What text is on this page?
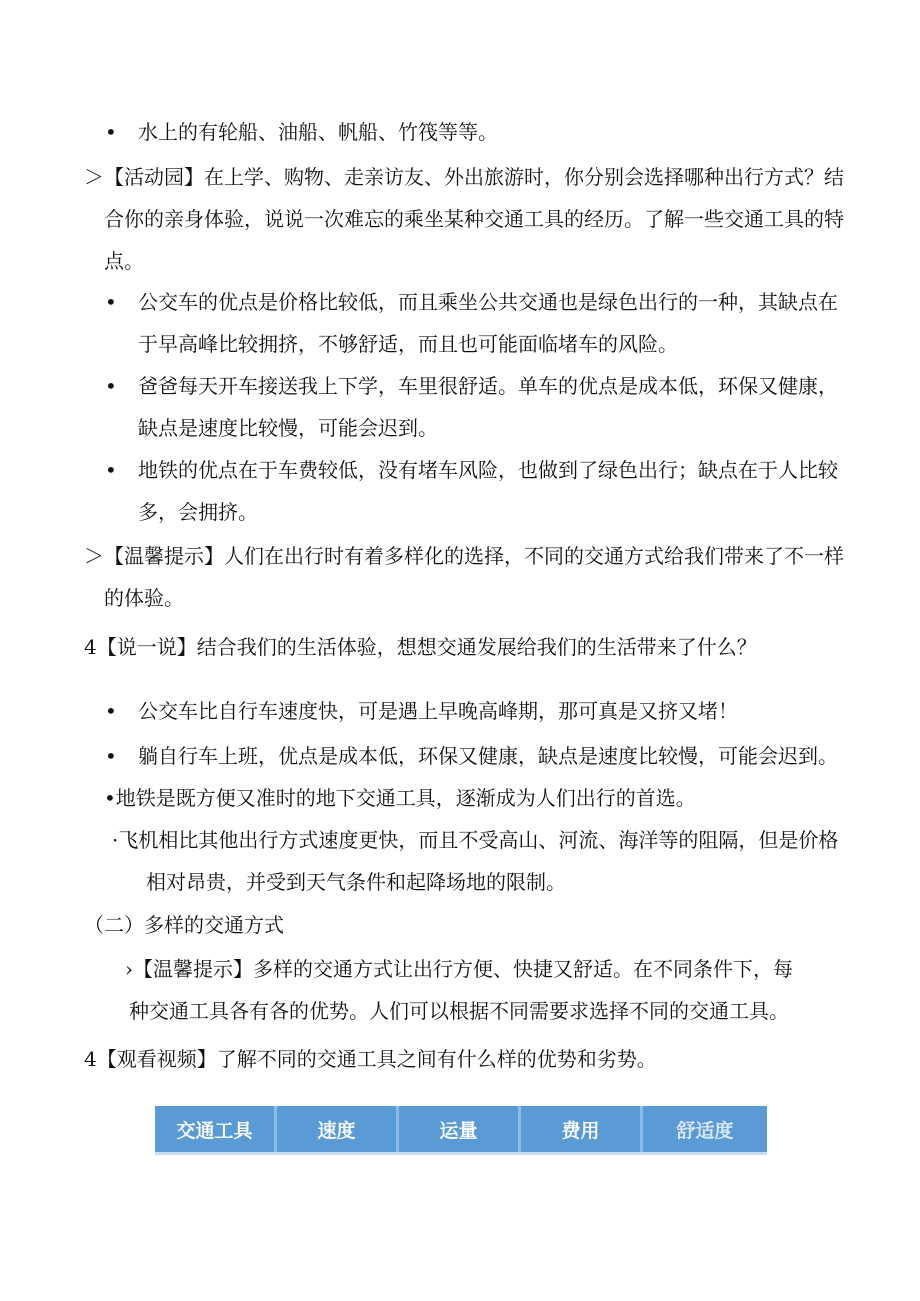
•
•
•
•
•
•
水上的有轮船、油船、帆船、竹筏等等。
＞【活动园】在上学、购物、走亲访友、外出旅游时，你分别会选择哪种出行方式？结
合你的亲身体验，说说一次难忘的乘坐某种交通工具的经历。了解一些交通工具的特
点。
公交车的优点是价格比较低，而且乘坐公共交通也是绿色出行的一种，其缺点在
于早高峰比较拥挤，不够舒适，而且也可能面临堵车的风险。
爸爸每天开车接送我上下学，车里很舒适。单车的优点是成本低，环保又健康，
缺点是速度比较慢，可能会迟到。
地铁的优点在于车费较低，没有堵车风险，也做到了绿色出行；缺点在于人比较
多，会拥挤。
＞【温馨提示】人们在出行时有着多样化的选择，不同的交通方式给我们带来了不一样
的体验。
4【说一说】结合我们的生活体验，想想交通发展给我们的生活带来了什么？
公交车比自行车速度快，可是遇上早晚高峰期，那可真是又挤又堵！
躺自行车上班，优点是成本低，环保又健康，缺点是速度比较慢，可能会迟到。
•地铁是既方便又准时的地下交通工具，逐渐成为人们出行的首选。
·飞机相比其他出行方式速度更快，而且不受高山、河流、海洋等的阻隔，但是价格
相对昂贵，并受到天气条件和起降场地的限制。
（二）多样的交通方式
›【温馨提示】多样的交通方式让出行方便、快捷又舒适。在不同条件下，每
种交通工具各有各的优势。人们可以根据不同需要求选择不同的交通工具。
4【观看视频】了解不同的交通工具之间有什么样的优势和劣势。
交通工具	速度	运量	费用	舒适度
